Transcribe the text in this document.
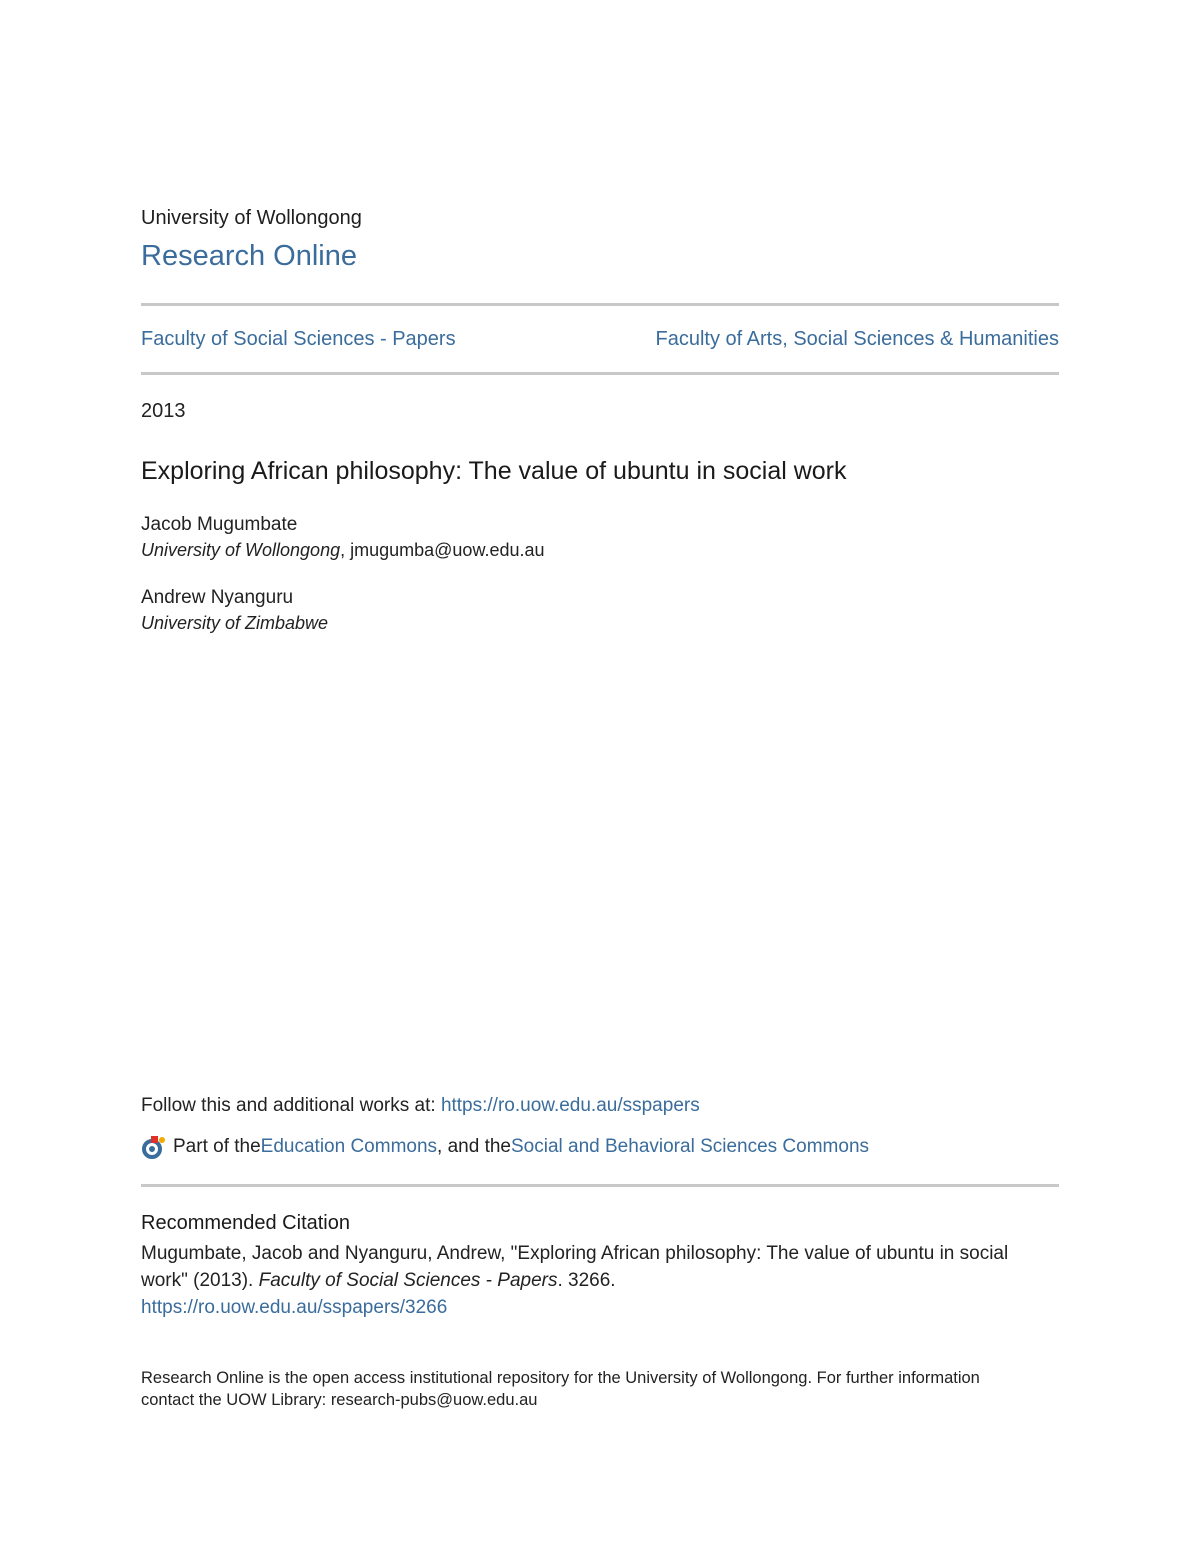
University of Wollongong
Research Online
Faculty of Social Sciences - Papers	Faculty of Arts, Social Sciences & Humanities
2013
Exploring African philosophy: The value of ubuntu in social work
Jacob Mugumbate
University of Wollongong, jmugumba@uow.edu.au
Andrew Nyanguru
University of Zimbabwe
Follow this and additional works at: https://ro.uow.edu.au/sspapers
Part of the Education Commons , and the Social and Behavioral Sciences Commons
Recommended Citation
Mugumbate, Jacob and Nyanguru, Andrew, "Exploring African philosophy: The value of ubuntu in social work" (2013). Faculty of Social Sciences - Papers. 3266.
https://ro.uow.edu.au/sspapers/3266
Research Online is the open access institutional repository for the University of Wollongong. For further information
contact the UOW Library: research-pubs@uow.edu.au
